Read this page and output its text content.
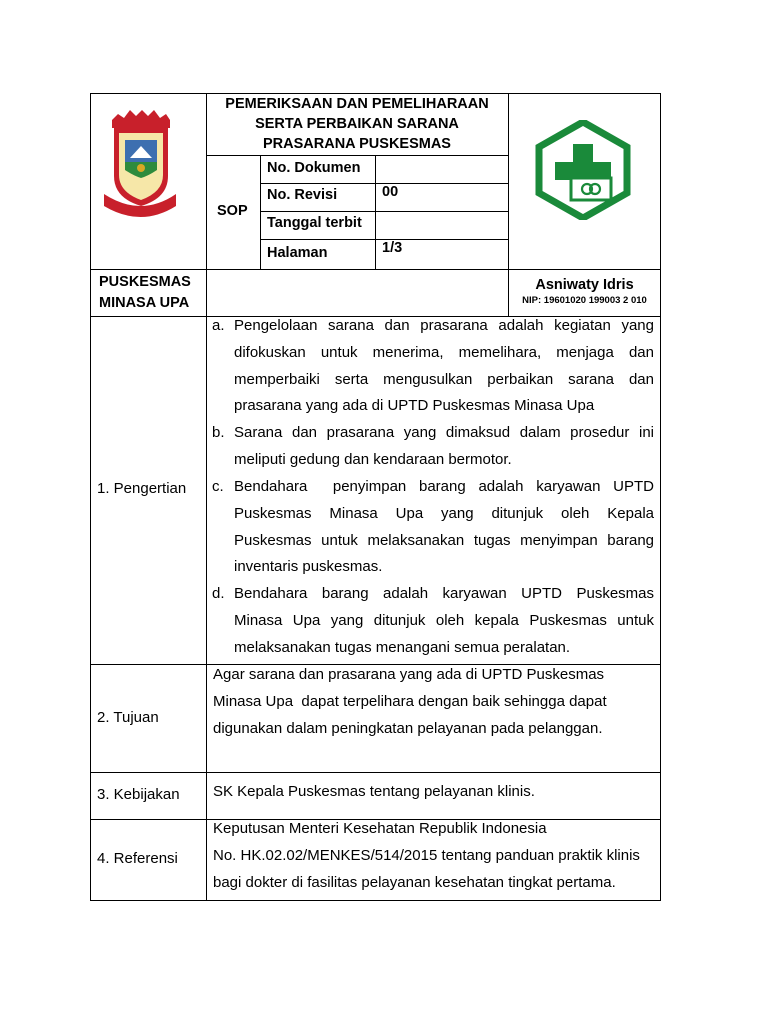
PEMERIKSAAN DAN PEMELIHARAAN
SERTA PERBAIKAN SARANA
PRASARANA PUSKESMAS
SOP
No. Dokumen
No. Revisi	00
Tanggal terbit
Halaman	1/3
PUSKESMAS
MINASA UPA
Asniwaty Idris
NIP: 19601020 199003 2 010
1. Pengertian
a. Pengelolaan sarana dan prasarana adalah kegiatan yang
difokuskan untuk menerima, memelihara, menjaga dan
memperbaiki serta mengusulkan perbaikan sarana dan
prasarana yang ada di UPTD Puskesmas Minasa Upa
b. Sarana dan prasarana yang dimaksud dalam prosedur ini
meliputi gedung dan kendaraan bermotor.
c. Bendahara  penyimpan barang adalah karyawan UPTD
Puskesmas Minasa Upa yang ditunjuk oleh Kepala
Puskesmas untuk melaksanakan tugas menyimpan barang
inventaris puskesmas.
d. Bendahara barang adalah karyawan UPTD Puskesmas
Minasa Upa yang ditunjuk oleh kepala Puskesmas untuk
melaksanakan tugas menangani semua peralatan.
2. Tujuan
Agar sarana dan prasarana yang ada di UPTD Puskesmas
Minasa Upa  dapat terpelihara dengan baik sehingga dapat
digunakan dalam peningkatan pelayanan pada pelanggan.
3. Kebijakan SK Kepala Puskesmas tentang pelayanan klinis.
4. Referensi
Keputusan Menteri Kesehatan Republik Indonesia
No. HK.02.02/MENKES/514/2015 tentang panduan praktik klinis
bagi dokter di fasilitas pelayanan kesehatan tingkat pertama.
